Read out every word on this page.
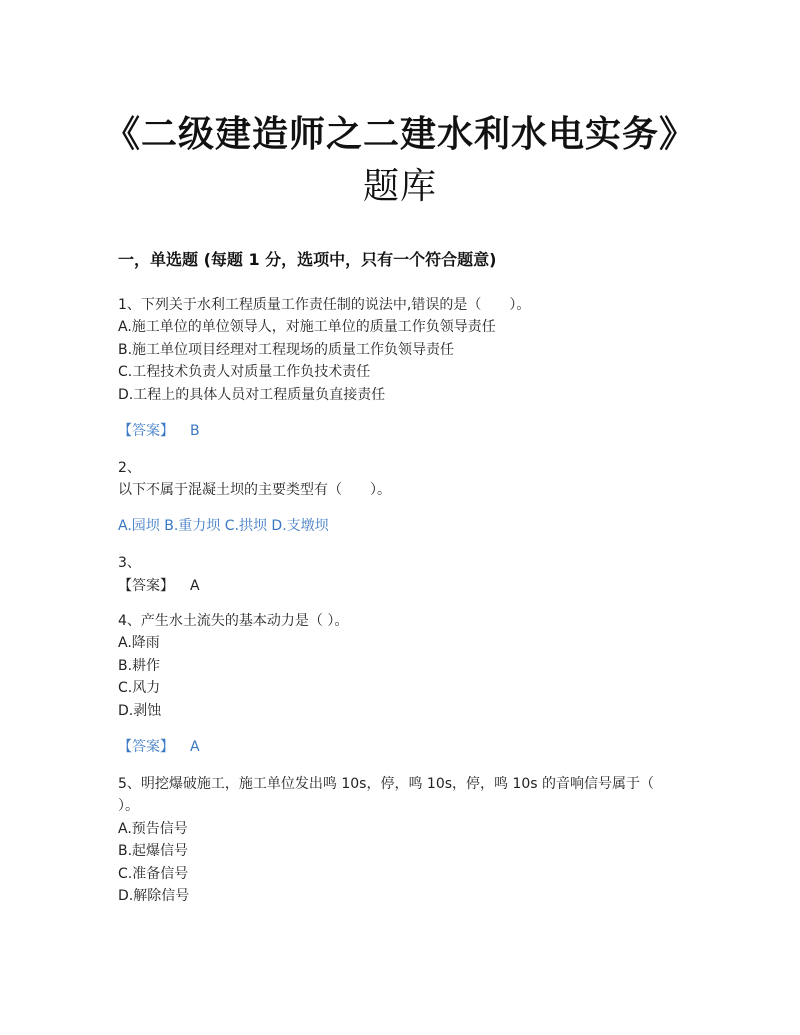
《二级建造师之二建水利水电实务》
题库
一，单选题 (每题 1 分，选项中，只有一个符合题意)
1、下列关于水利工程质量工作责任制的说法中,错误的是（　　）。
A.施工单位的单位领导人，对施工单位的质量工作负领导责任
B.施工单位项目经理对工程现场的质量工作负领导责任
C.工程技术负责人对质量工作负技术责任
D.工程上的具体人员对工程质量负直接责任
【答案】 B
2、
以下不属于混凝土坝的主要类型有（　　）。
A.园坝 B.重力坝 C.拱坝 D.支墩坝
3、
【答案】 A
4、产生水土流失的基本动力是（ ）。
A.降雨
B.耕作
C.风力
D.剥蚀
【答案】 A
5、明挖爆破施工，施工单位发出鸣 10s，停，鸣 10s，停，鸣 10s 的音响信号属于（
）。
A.预告信号
B.起爆信号
C.准备信号
D.解除信号
